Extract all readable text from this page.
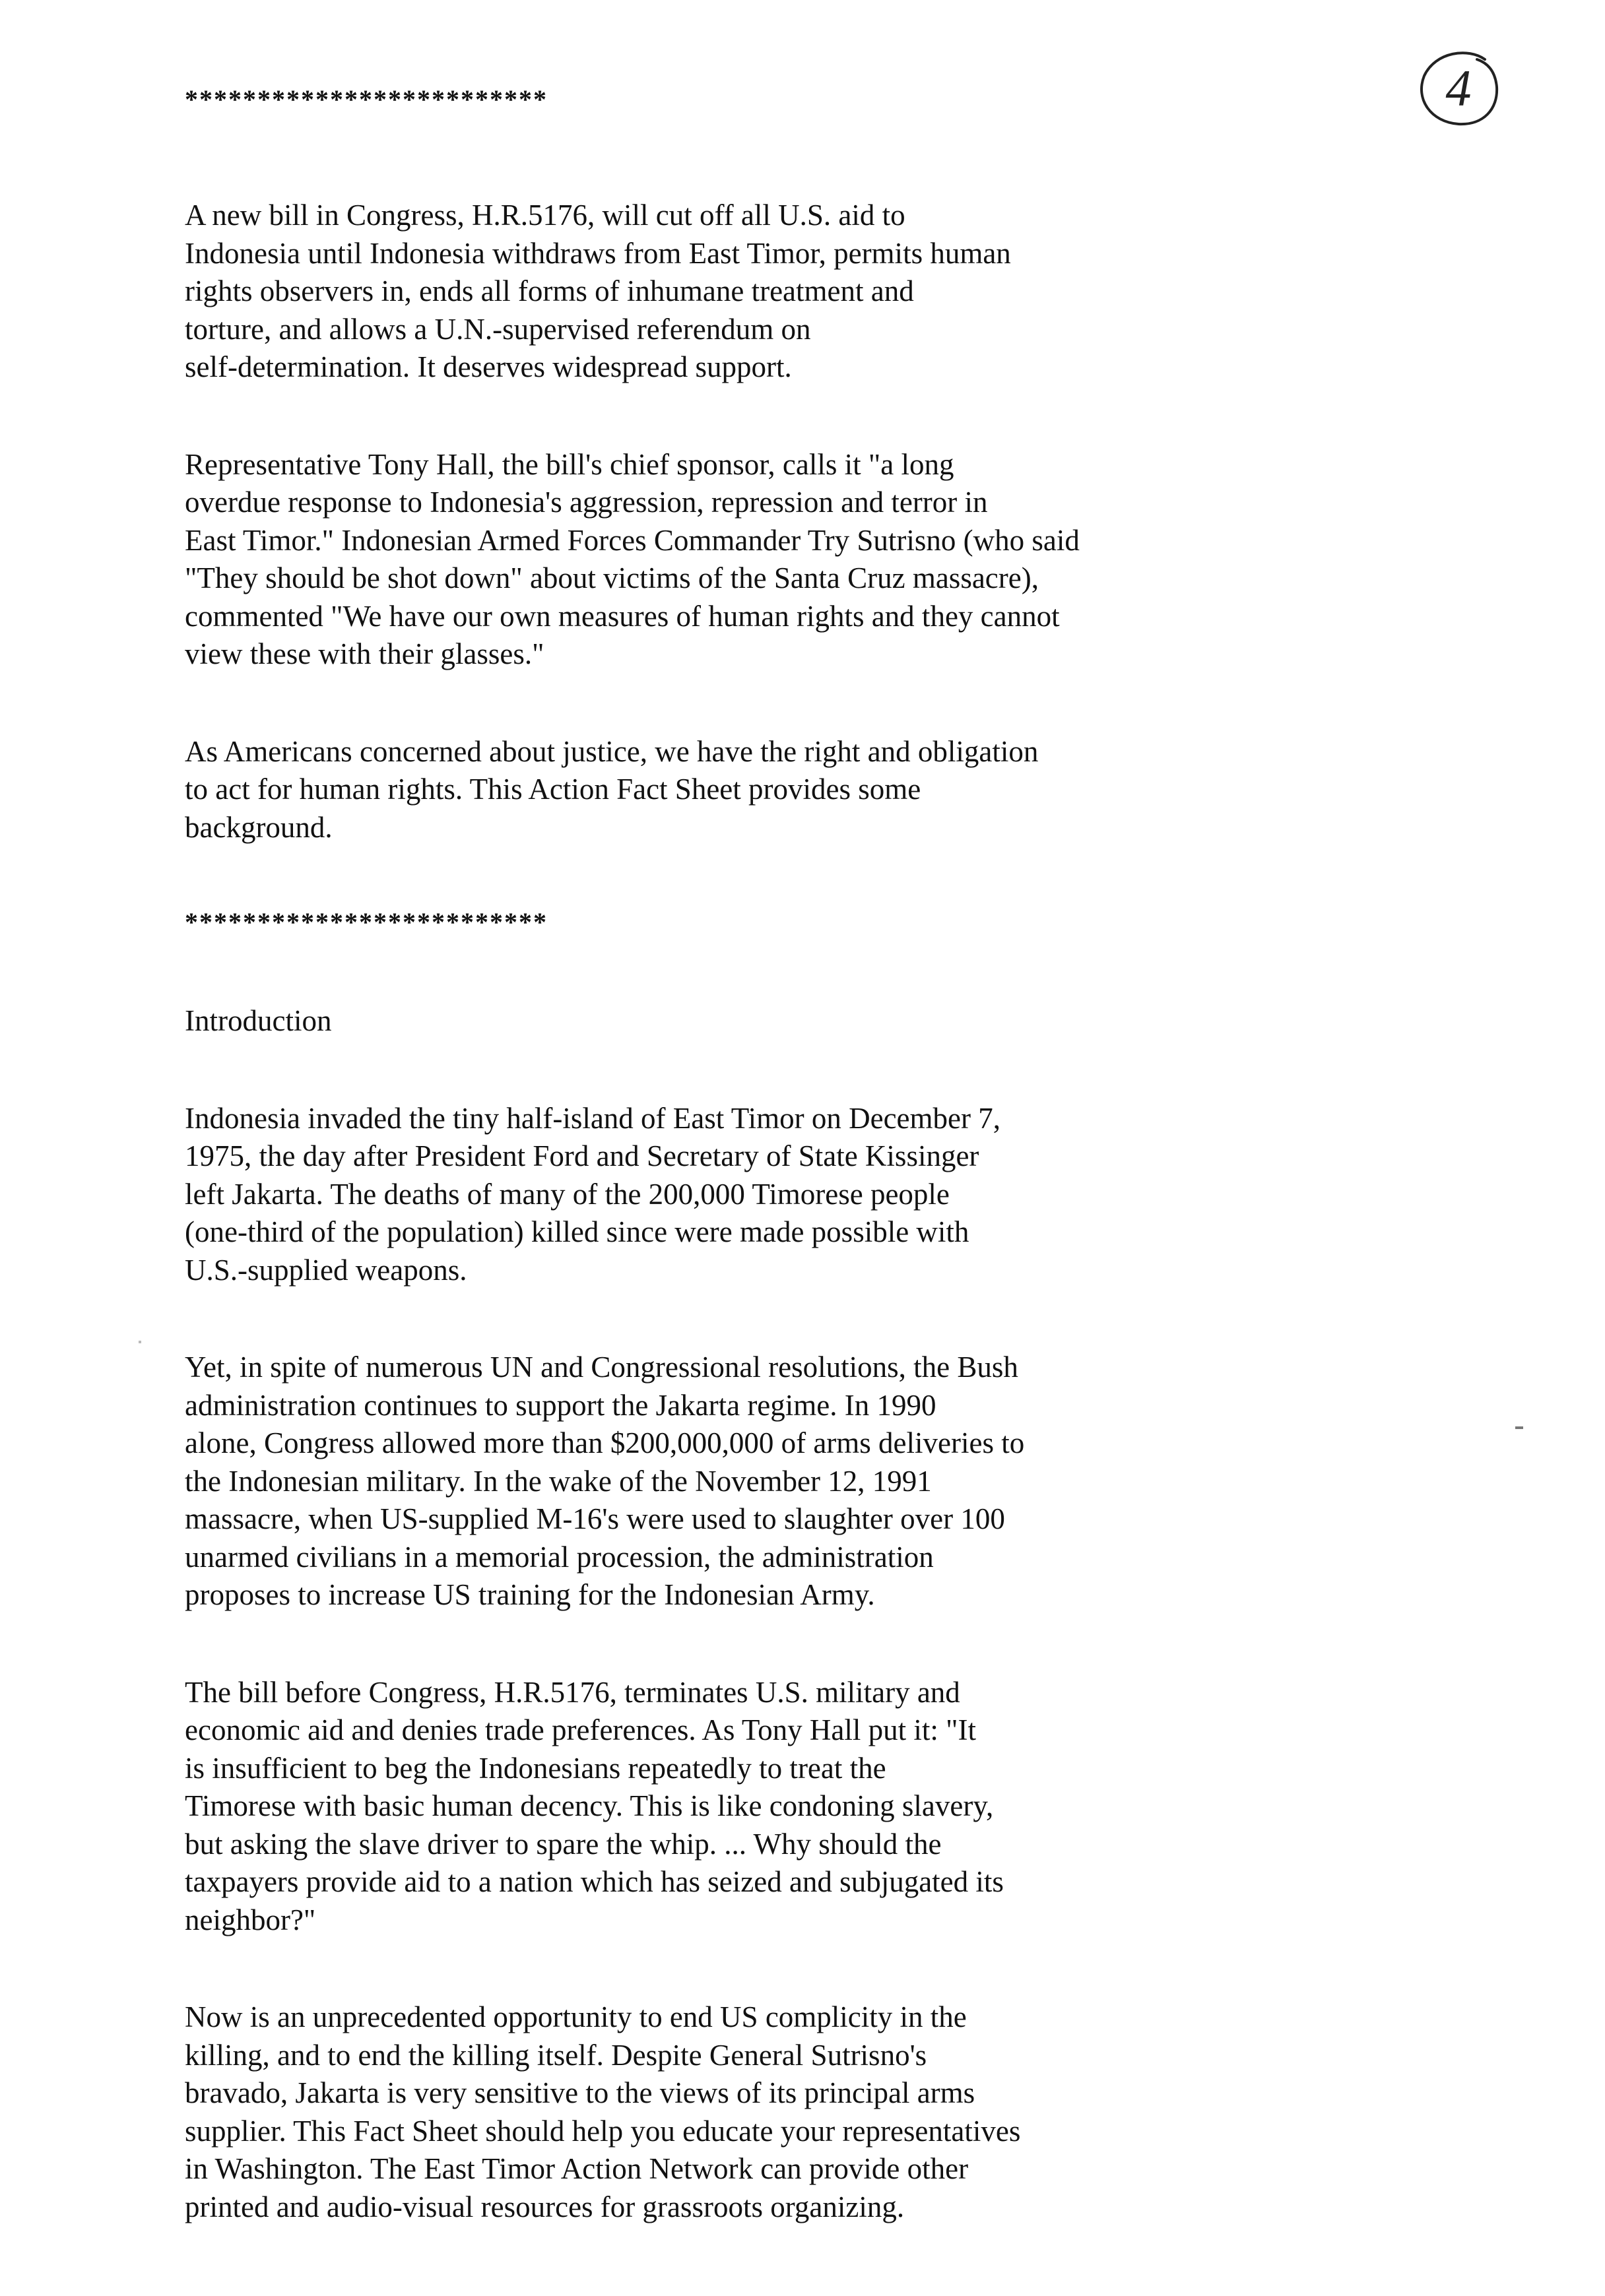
4
*************************

A new bill in Congress, H.R.5176, will cut off all U.S. aid to
Indonesia until Indonesia withdraws from East Timor, permits human
rights observers in, ends all forms of inhumane treatment and
torture, and allows a U.N.-supervised referendum on
self-determination. It deserves widespread support.

Representative Tony Hall, the bill's chief sponsor, calls it "a long
overdue response to Indonesia's aggression, repression and terror in
East Timor." Indonesian Armed Forces Commander Try Sutrisno (who said
"They should be shot down" about victims of the Santa Cruz massacre),
commented "We have our own measures of human rights and they cannot
view these with their glasses."

As Americans concerned about justice, we have the right and obligation
to act for human rights. This Action Fact Sheet provides some
background.

*************************
Introduction

Indonesia invaded the tiny half-island of East Timor on December 7,
1975, the day after President Ford and Secretary of State Kissinger
left Jakarta. The deaths of many of the 200,000 Timorese people
(one-third of the population) killed since were made possible with
U.S.-supplied weapons.

Yet, in spite of numerous UN and Congressional resolutions, the Bush
administration continues to support the Jakarta regime. In 1990
alone, Congress allowed more than $200,000,000 of arms deliveries to
the Indonesian military. In the wake of the November 12, 1991
massacre, when US-supplied M-16's were used to slaughter over 100
unarmed civilians in a memorial procession, the administration
proposes to increase US training for the Indonesian Army.

The bill before Congress, H.R.5176, terminates U.S. military and
economic aid and denies trade preferences. As Tony Hall put it: "It
is insufficient to beg the Indonesians repeatedly to treat the
Timorese with basic human decency. This is like condoning slavery,
but asking the slave driver to spare the whip. ... Why should the
taxpayers provide aid to a nation which has seized and subjugated its
neighbor?"

Now is an unprecedented opportunity to end US complicity in the
killing, and to end the killing itself. Despite General Sutrisno's
bravado, Jakarta is very sensitive to the views of its principal arms
supplier. This Fact Sheet should help you educate your representatives
in Washington. The East Timor Action Network can provide other
printed and audio-visual resources for grassroots organizing.
